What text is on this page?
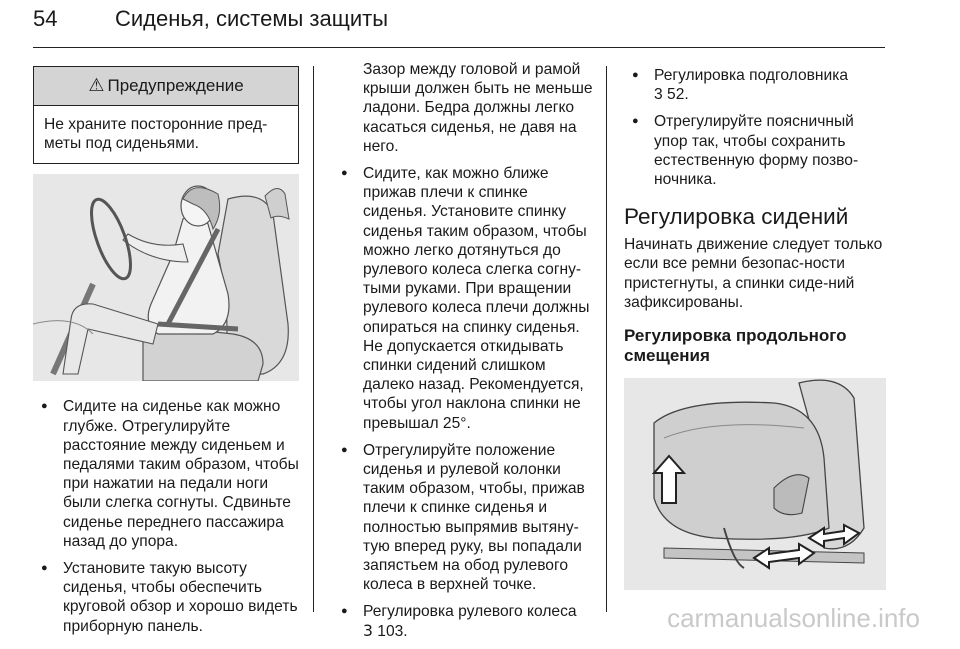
54	Сиденья, системы защиты
⚠ Предупреждение
Не храните посторонние пред-
меты под сиденьями.
● Сидите на сиденье как можно глубже. Отрегулируйте расстояние между сиденьем и педалями таким образом, чтобы при нажатии на педали ноги были слегка согнуты. Сдвиньте сиденье переднего пассажира назад до упора.
● Установите такую высоту сиденья, чтобы обеспечить круговой обзор и хорошо видеть приборную панель.

Зазор между головой и рамой крыши должен быть не меньше ладони. Бедра должны легко касаться сиденья, не давя на него.

● Сидите, как можно ближе прижав плечи к спинке сиденья. Установите спинку сиденья таким образом, чтобы можно легко дотянуться до рулевого колеса слегка согну-тыми руками. При вращении рулевого колеса плечи должны опираться на спинку сиденья. Не допускается откидывать спинки сидений слишком далеко назад. Рекомендуется, чтобы угол наклона спинки не превышал 25°.
● Отрегулируйте положение сиденья и рулевой колонки таким образом, чтобы, прижав плечи к спинке сиденья и полностью выпрямив вытяну-тую вперед руку, вы попадали запястьем на обод рулевого колеса в верхней точке.
● Регулировка рулевого колеса
3 103.
● Регулировка подголовника
3 52.
● Отрегулируйте поясничный упор так, чтобы сохранить естественную форму позво-ночника.
Регулировка сидений

Начинать движение следует только если все ремни безопас-ности пристегнуты, а спинки сиде-ний зафиксированы.

Регулировка продольного смещения
carmanualsonline.info
